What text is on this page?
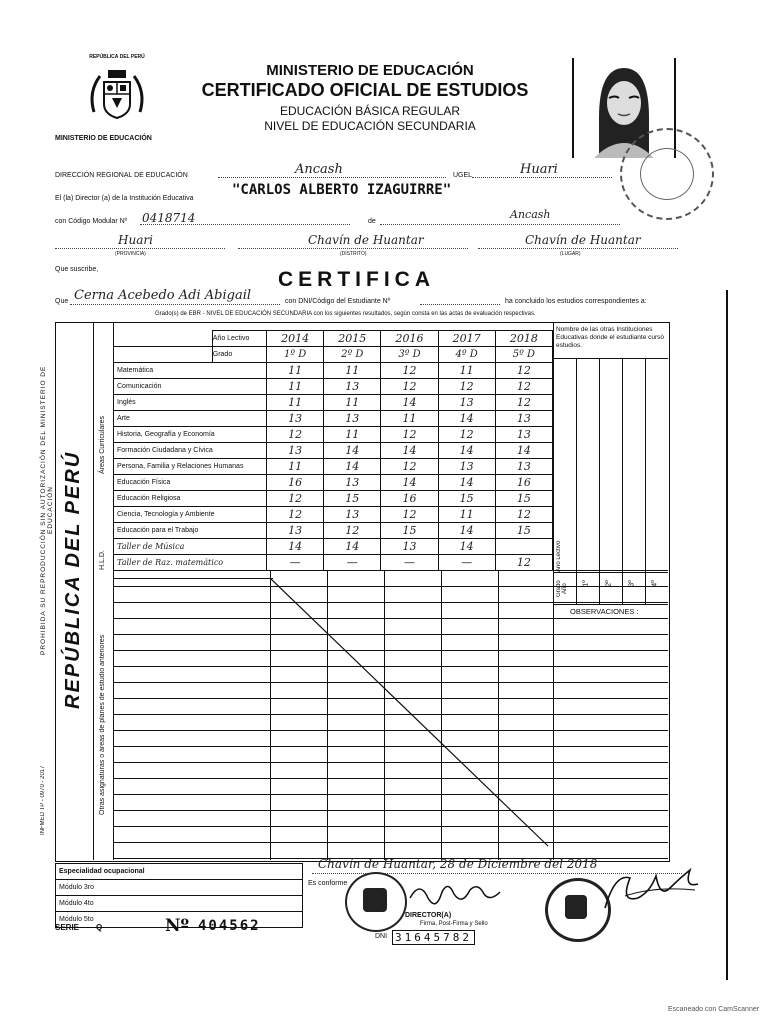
PROHIBIDA SU REPRODUCCIÓN SIN AUTORIZACIÓN DEL MINISTERIO DE EDUCACIÓN
INFMED TP - 0970 - 2017
REPÚBLICA DEL PERÚ
MINISTERIO DE EDUCACIÓN
MINISTERIO DE EDUCACIÓN
CERTIFICADO OFICIAL DE ESTUDIOS
EDUCACIÓN BÁSICA REGULAR
NIVEL DE EDUCACIÓN SECUNDARIA
DIRECCIÓN REGIONAL DE EDUCACIÓN	Ancash	UGEL	Huari
El (la) Director (a) de la Institución Educativa
"CARLOS ALBERTO IZAGUIRRE"
con Código Modular Nº 0418714	de
Ancash
Huari
(PROVINCIA)
Chavín de Huantar
(DISTRITO)
Chavín de Huantar
(LUGAR)
Que suscribe,	CERTIFICA
Que Cerna Acebedo Adi Abigail	con DNI/Código del Estudiante Nº	ha concluido los estudios correspondientes a:
Grado(s) de EBR - NIVEL DE EDUCACIÓN SECUNDARIA con los siguientes resultados, según consta en las actas de evaluación respectivas.
REPÚBLICA DEL PERÚ
	Año Lectivo	2014	2015	2016	2017	2018
	Grado	1º D	2º D	3º D	4º D	5º D
Matemática		11	11	12	11	12
Comunicación		11	13	12	12	12
Inglés		11	11	14	13	12
Arte		13	13	11	14	13
Historia, Geografía y Economía		12	11	12	12	13
Formación Ciudadana y Cívica		13	14	14	14	14
Persona, Familia y Relaciones Humanas		11	14	12	13	13
Educación Física		16	13	14	14	16
Educación Religiosa		12	15	16	15	15
Ciencia, Tecnología y Ambiente		12	13	12	11	12
Educación para el Trabajo		13	12	15	14	15
Taller de Música		14	14	13	14	
Taller de Raz. matemático		—	—	—	—	12
Áreas Curriculares
H.L.D.
Otras asignaturas o áreas de planes de estudio anteriores
Nombre de las otras Instituciones Educativas donde el estudiante cursó estudios.
1º 2º 3º 4º
Año Lectivo
Grado Año
OBSERVACIONES :
Especialidad ocupacional
Módulo 3ro
Módulo 4to
Módulo 5to
Chavín de Huantar, 28 de Diciembre del 2018
Es conforme
DIRECTOR(A)
Firma, Post-Firma y Sello
DNI 31645782
SERIE Q	Nº 404562
Escaneado con CamScanner
